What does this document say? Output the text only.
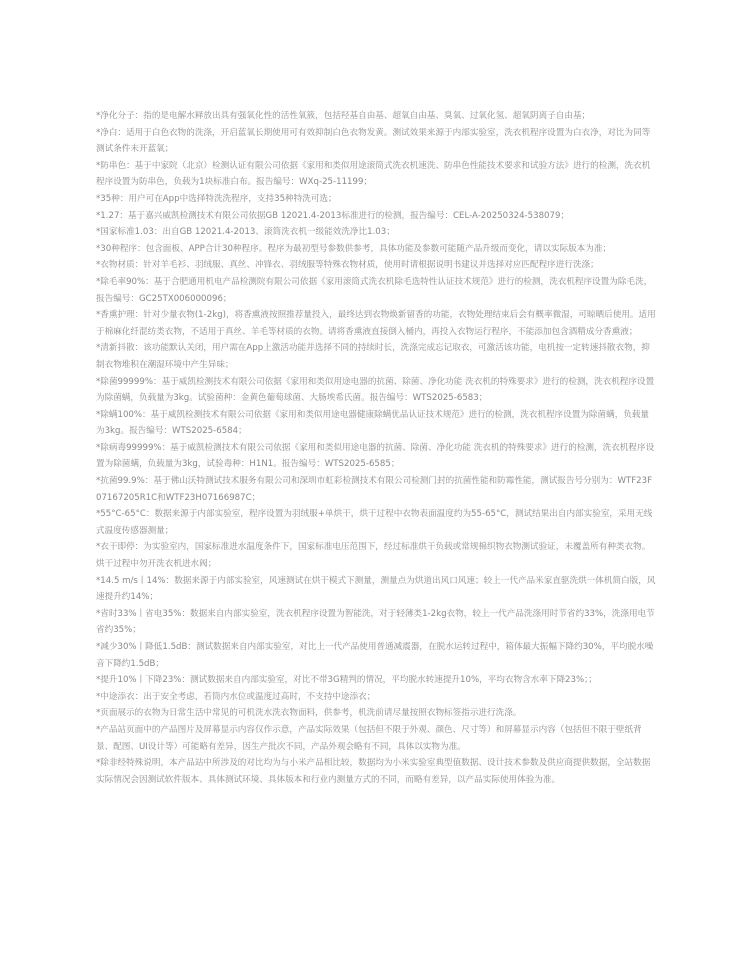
*净化分子：指的是电解水释放出具有强氧化性的活性氧簇，包括羟基自由基、超氧自由基、臭氧、过氧化氢、超氧阴离子自由基；
*净白：适用于白色衣物的洗涤，开启蓝氧长期使用可有效抑制白色衣物发黄。测试效果来源于内部实验室，洗衣机程序设置为白衣净，对比为同等测试条件未开蓝氧；
*防串色：基于中家院（北京）检测认证有限公司依据《家用和类似用途滚筒式洗衣机速洗、防串色性能技术要求和试验方法》进行的检测，洗衣机程序设置为防串色，负载为1块标准白布。报告编号：WXq-25-11199；
*35种：用户可在App中选择特洗洗程序，支持35种特洗可选；
*1.27：基于嘉兴威凯检测技术有限公司依据GB 12021.4-2013标准进行的检测，报告编号：CEL-A-20250324-538079；
*国家标准1.03：出自GB 12021.4-2013、滚筒洗衣机一级能效洗净比1.03；
*30种程序：包含面板、APP合计30种程序。程序为最初型号参数供参考，具体功能及参数可能随产品升级而变化，请以实际版本为准；
*衣物材质：针对羊毛衫、羽绒服、真丝、冲锋衣、羽绒服等特殊衣物材质，使用时请根据说明书建议并选择对应匹配程序进行洗涤；
*除毛率90%：基于合肥通用机电产品检测院有限公司依据《家用滚筒式洗衣机除毛选特性认证技术规范》进行的检测，洗衣机程序设置为除毛洗，报告编号：GC25TX006000096；
*香熏护理：针对少量衣物(1-2kg)，将香熏液按照推荐量投入，最终达到衣物焕新留香的功能，衣物处理结束后会有概率微湿，可晾晒后使用。适用于棉麻化纤混纺类衣物，不适用于真丝、羊毛等材质的衣物。请将香熏液直接倒入桶内，再投入衣物运行程序，不能添加包含酒精成分香熏液；
*清新抖散：该功能默认关闭，用户需在App上激活功能并选择不同的持续时长，洗涤完成忘记取衣，可激活该功能，电机按一定转速抖散衣物，抑制衣物堆积在潮湿环境中产生异味；
*除菌99999%：基于威凯检测技术有限公司依据《家用和类似用途电器的抗菌、除菌、净化功能 洗衣机的特殊要求》进行的检测，洗衣机程序设置为除菌螨，负载量为3kg。试验菌种：金黄色葡萄球菌、大肠埃希氏菌。报告编号：WTS2025-6583；
*除螨100%：基于威凯检测技术有限公司依据《家用和类似用途电器健康除螨优品认证技术规范》进行的检测，洗衣机程序设置为除菌螨，负载量为3kg。报告编号：WTS2025-6584；
*除病毒99999%：基于威凯检测技术有限公司依据《家用和类似用途电器的抗菌、除菌、净化功能 洗衣机的特殊要求》进行的检测，洗衣机程序设置为除菌螨，负载量为3kg，试验毒种：H1N1。报告编号：WTS2025-6585；
*抗菌99.9%：基于佛山沃特测试技术服务有限公司和深圳市虹彩检测技术有限公司检测门封的抗菌性能和防霉性能，测试报告号分别为：WTF23F07167205R1C和WTF23H07166987C；
*55°C-65°C：数据来源于内部实验室，程序设置为羽绒服+单烘干，烘干过程中衣物表面温度约为55-65°C，测试结果出自内部实验室，采用无线式温度传感器测量；
*衣干即停：为实验室内，国家标准进水温度条件下，国家标准电压范围下，经过标准烘干负载或常规棉织物衣物测试验证，未覆盖所有种类衣物。烘干过程中勿开洗衣机进水阀；
*14.5 m/s丨14%：数据来源于内部实验室，风速测试在烘干模式下测量，测量点为烘道出风口风速；较上一代产品米家直驱洗烘一体机简白版，风速提升约14%；
*省时33%丨省电35%：数据来自内部实验室，洗衣机程序设置为智能洗，对于轻薄类1-2kg衣物，较上一代产品洗涤用时节省约33%，洗涤用电节省约35%；
*减少30%丨降低1.5dB：测试数据来自内部实验室，对比上一代产品使用普通减震器，在脱水运转过程中，箱体最大振幅下降约30%，平均脱水噪音下降约1.5dB；
*提升10%丨下降23%：测试数据来自内部实验室，对比不带3G精判的情况，平均脱水转速提升10%，平均衣物含水率下降23%；；
*中途添衣：出于安全考虑，若筒内水位或温度过高时，不支持中途添衣；
*页面展示的衣物为日常生活中常见的可机洗水洗衣物面料，供参考，机洗前请尽量按照衣物标签指示进行洗涤。
*产品站页面中的产品图片及屏幕显示内容仅作示意，产品实际效果（包括但不限于外观、颜色、尺寸等）和屏幕显示内容（包括但不限于壁纸背景、配图、UI设计等）可能略有差异，因生产批次不同，产品外观会略有不同，具体以实物为准。
*除非经特殊说明，本产品站中所涉及的对比均为与小米产品相比较，数据均为小米实验室典型值数据、设计技术参数及供应商提供数据，全站数据实际情况会因测试软件版本、具体测试环境、具体版本和行业内测量方式的不同，而略有差异，以产品实际使用体验为准。
